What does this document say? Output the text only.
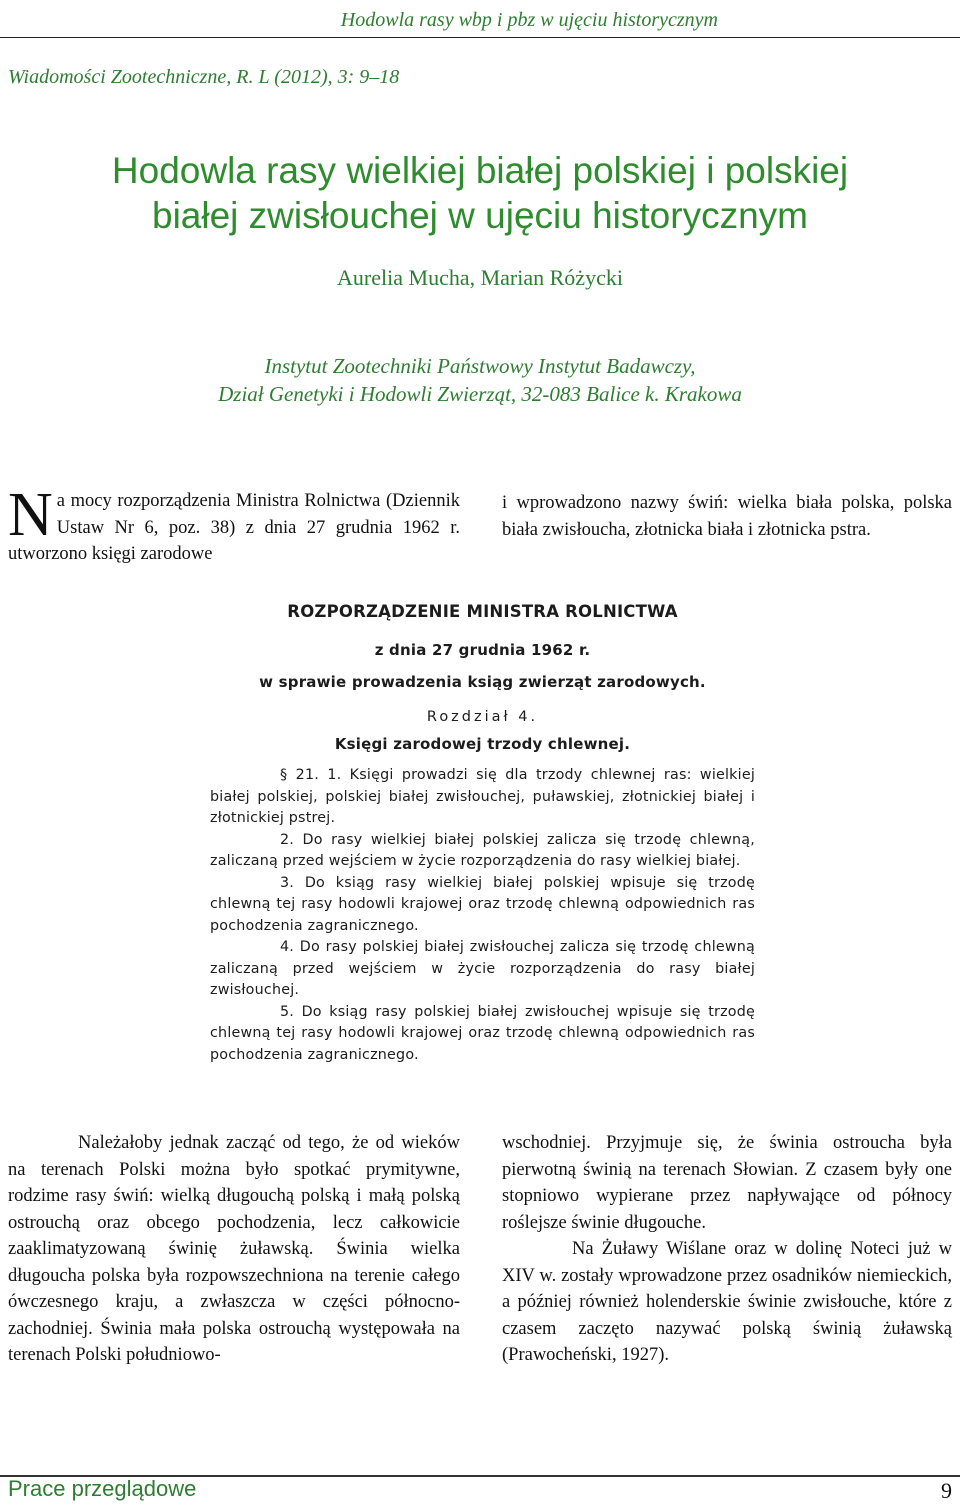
Hodowla rasy wbp i pbz w ujęciu historycznym
Wiadomości Zootechniczne, R. L (2012), 3: 9–18
Hodowla rasy wielkiej białej polskiej i polskiej
białej zwisłouchej w ujęciu historycznym
Aurelia Mucha, Marian Różycki
Instytut Zootechniki Państwowy Instytut Badawczy,
Dział Genetyki i Hodowli Zwierząt, 32-083 Balice k. Krakowa
Na mocy rozporządzenia Ministra Rolnictwa (Dziennik Ustaw Nr 6, poz. 38) z dnia 27 grudnia 1962 r. utworzono księgi zarodowe
i wprowadzono nazwy świń: wielka biała polska, polska biała zwisłoucha, złotnicka biała i złotnicka pstra.
ROZPORZĄDZENIE MINISTRA ROLNICTWA
z dnia 27 grudnia 1962 r.
w sprawie prowadzenia ksiąg zwierząt zarodowych.
Rozdział 4.
Księgi zarodowej trzody chlewnej.
§ 21. 1. Księgi prowadzi się dla trzody chlewnej ras: wielkiej białej polskiej, polskiej białej zwisłouchej, puławskiej, złotnickiej białej i złotnickiej pstrej.
2. Do rasy wielkiej białej polskiej zalicza się trzodę chlewną, zaliczaną przed wejściem w życie rozporządzenia do rasy wielkiej białej.
3. Do ksiąg rasy wielkiej białej polskiej wpisuje się trzodę chlewną tej rasy hodowli krajowej oraz trzodę chlewną odpowiednich ras pochodzenia zagranicznego.
4. Do rasy polskiej białej zwisłouchej zalicza się trzodę chlewną zaliczaną przed wejściem w życie rozporządzenia do rasy białej zwisłouchej.
5. Do ksiąg rasy polskiej białej zwisłouchej wpisuje się trzodę chlewną tej rasy hodowli krajowej oraz trzodę chlewną odpowiednich ras pochodzenia zagranicznego.

Należałoby jednak zacząć od tego, że od wieków na terenach Polski można było spotkać prymitywne, rodzime rasy świń: wielką długouchą polską i małą polską ostrouchą oraz obcego pochodzenia, lecz całkowicie zaaklimatyzowaną świnię żuławską. Świnia wielka długoucha polska była rozpowszechniona na terenie całego ówczesnego kraju, a zwłaszcza w części północno-zachodniej. Świnia mała polska ostrouchą występowała na terenach Polski południowo-

wschodniej. Przyjmuje się, że świnia ostroucha była pierwotną świnią na terenach Słowian. Z czasem były one stopniowo wypierane przez napływające od północy roślejsze świnie długouche.

Na Żuławy Wiślane oraz w dolinę Noteci już w XIV w. zostały wprowadzone przez osadników niemieckich, a później również holenderskie świnie zwisłouche, które z czasem zaczęto nazywać polską świnią żuławską (Prawocheński, 1927).

Prace przeglądowe	9
